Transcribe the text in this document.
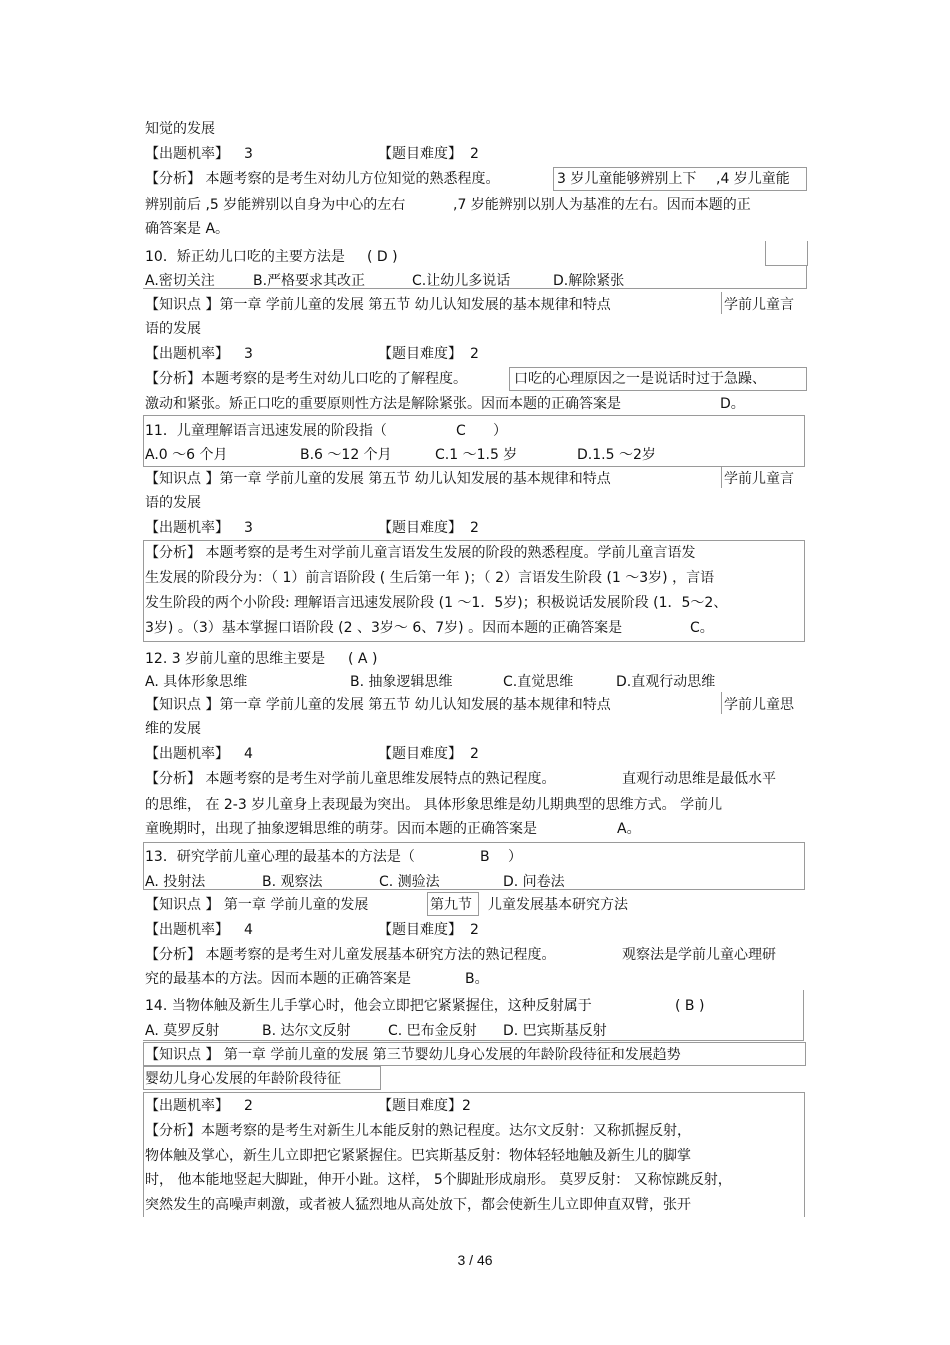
知觉的发展
【出题机率】 3	【题目难度】 2
【分析】 本题考察的是考生对幼儿方位知觉的熟悉程度。	3 岁儿童能够辨别上下 ,4 岁儿童能
辨别前后 ,5 岁能辨别以自身为中心的左右	,7 岁能辨别以别人为基准的左右。因而本题的正
确答案是 A。
10．矫正幼儿口吃的主要方法是 ( D )
A.密切关注	B.严格要求其改正	C.让幼儿多说话	D.解除紧张
【知识点 】第一章 学前儿童的发展 第五节 幼儿认知发展的基本规律和特点	学前儿童言
语的发展
【出题机率】 3	【题目难度】 2
【分析】本题考察的是考生对幼儿口吃的了解程度。	口吃的心理原因之一是说话时过于急躁、
激动和紧张。矫正口吃的重要原则性方法是解除紧张。因而本题的正确答案是	D。
11．儿童理解语言迅速发展的阶段指（	C ）
A.0 ～6 个月	B.6 ～12 个月	C.1 ～1.5 岁	D.1.5 ～2岁
【知识点 】第一章 学前儿童的发展 第五节 幼儿认知发展的基本规律和特点	学前儿童言
语的发展
【出题机率】 3	【题目难度】 2
【分析】 本题考察的是考生对学前儿童言语发生发展的阶段的熟悉程度。学前儿童言语发
生发展的阶段分为：（ 1）前言语阶段 ( 生后第一年 )；（ 2）言语发生阶段 (1 ～3岁) ，言语
发生阶段的两个小阶段: 理解语言迅速发展阶段 (1 ～1．5岁)；积极说话发展阶段 (1．5～2、
3岁) 。（3）基本掌握口语阶段 (2 、3岁～ 6、7岁) 。因而本题的正确答案是	C。
12. 3 岁前儿童的思维主要是 ( A )
A. 具体形象思维	B. 抽象逻辑思维	C.直觉思维	D.直观行动思维
【知识点 】第一章 学前儿童的发展 第五节 幼儿认知发展的基本规律和特点	学前儿童思
维的发展
【出题机率】 4	【题目难度】 2
【分析】 本题考察的是考生对学前儿童思维发展特点的熟记程度。	直观行动思维是最低水平
的思维， 在 2-3 岁儿童身上表现最为突出。 具体形象思维是幼儿期典型的思维方式。 学前儿
童晚期时，出现了抽象逻辑思维的萌芽。因而本题的正确答案是	A。
13．研究学前儿童心理的最基本的方法是（	B ）
A. 投射法	B. 观察法	C. 测验法	D. 问卷法
【知识点 】 第一章 学前儿童的发展	第九节 儿童发展基本研究方法
【出题机率】 4	【题目难度】 2
【分析】 本题考察的是考生对儿童发展基本研究方法的熟记程度。	观察法是学前儿童心理研
究的最基本的方法。因而本题的正确答案是	B。
14. 当物体触及新生儿手掌心时，他会立即把它紧紧握住，这种反射属于	( B )
A. 莫罗反射	B. 达尔文反射	C. 巴布金反射 D. 巴宾斯基反射
【知识点 】 第一章 学前儿童的发展 第三节婴幼儿身心发展的年龄阶段待征和发展趋势
婴幼儿身心发展的年龄阶段待征
【出题机率】 2	【题目难度】 2
【分析】本题考察的是考生对新生儿本能反射的熟记程度。达尔文反射：又称抓握反射，
物体触及掌心，新生儿立即把它紧紧握住。巴宾斯基反射：物体轻轻地触及新生儿的脚掌
时， 他本能地竖起大脚趾，伸开小趾。这样， 5个脚趾形成扇形。 莫罗反射： 又称惊跳反射，
突然发生的高噪声刺激，或者被人猛烈地从高处放下，都会使新生儿立即伸直双臂，张开
3 / 46
